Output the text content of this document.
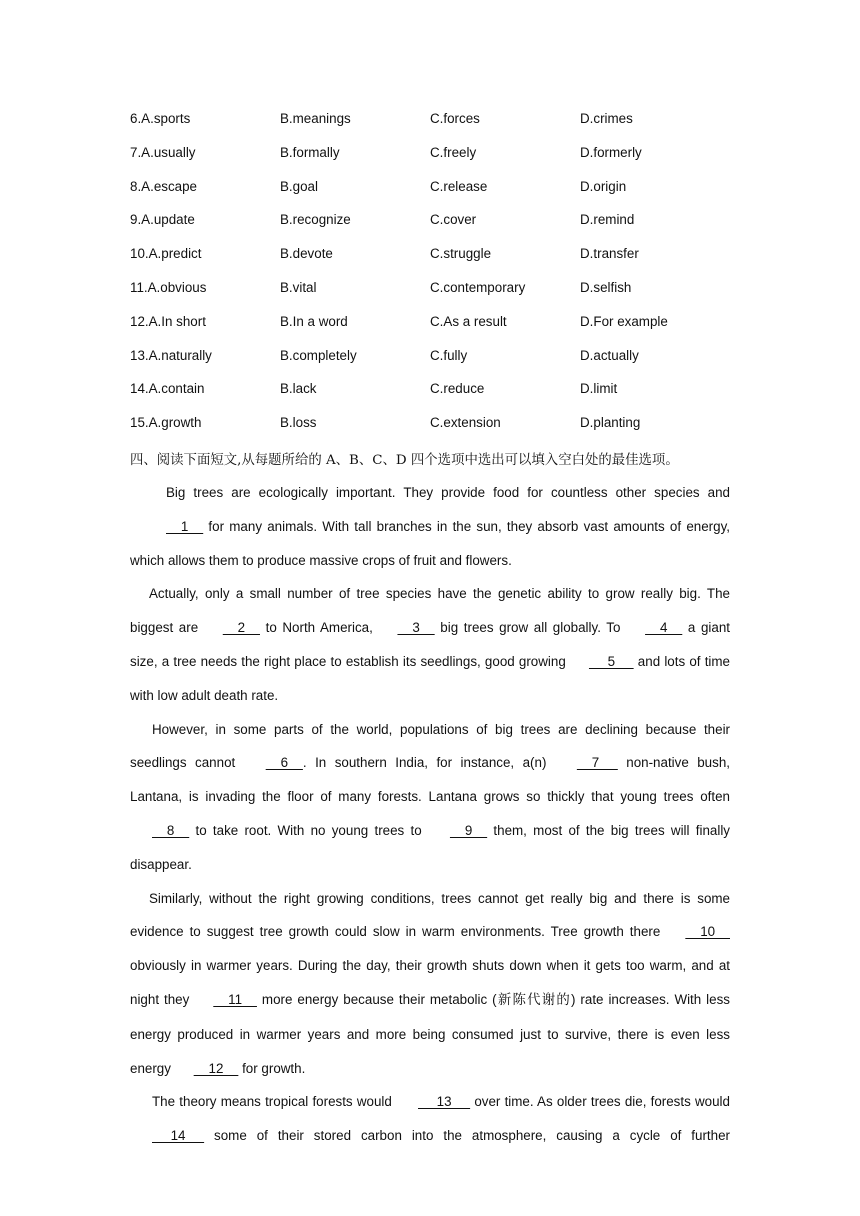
6.A.sports	B.meanings	C.forces	D.crimes
7.A.usually	B.formally	C.freely	D.formerly
8.A.escape	B.goal	C.release	D.origin
9.A.update	B.recognize	C.cover	D.remind
10.A.predict	B.devote	C.struggle	D.transfer
11.A.obvious	B.vital	C.contemporary	D.selfish
12.A.In short	B.In a word	C.As a result	D.For example
13.A.naturally	B.completely	C.fully	D.actually
14.A.contain	B.lack	C.reduce	D.limit
15.A.growth	B.loss	C.extension	D.planting
四、阅读下面短文,从每题所给的 A、B、C、D 四个选项中选出可以填入空白处的最佳选项。

Big trees are ecologically important. They provide food for countless other species and     1     for many animals. With tall branches in the sun, they absorb vast amounts of energy, which allows them to produce massive crops of fruit and flowers.

Actually, only a small number of tree species have the genetic ability to grow really big. The biggest are     2     to North America,     3     big trees grow all globally. To     4     a giant size, a tree needs the right place to establish its seedlings, good growing      5      and lots of time with low adult death rate.

However, in some parts of the world, populations of big trees are declining because their seedlings cannot     6    . In southern India, for instance, a(n)     7      non-native bush, Lantana, is invading the floor of many forests. Lantana grows so thickly that young trees often     8     to take root. With no young trees to     9     them, most of the big trees will finally disappear.

Similarly, without the right growing conditions, trees cannot get really big and there is some evidence to suggest tree growth could slow in warm environments. Tree growth there     10     obviously in warmer years. During the day, their growth shuts down when it gets too warm, and at night they     11     more energy because their metabolic (新陈代谢的) rate increases. With less energy produced in warmer years and more being consumed just to survive, there is even less energy     12     for growth.

The theory means tropical forests would      13      over time. As older trees die, forests would      14      some of their stored carbon into the atmosphere, causing a cycle of further
